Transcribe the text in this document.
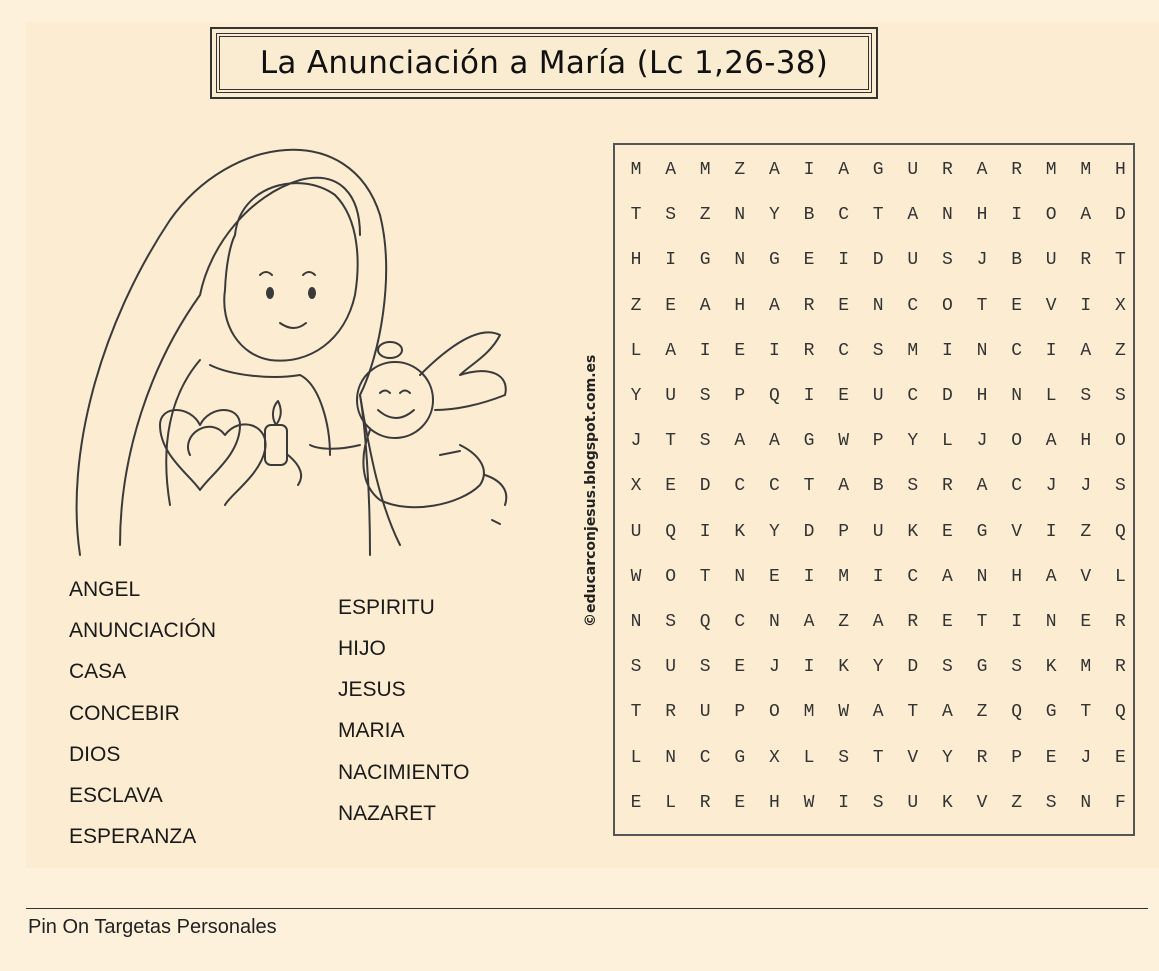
La Anunciación a María (Lc 1,26-38)
ANGEL
ANUNCIACIÓN
CASA
CONCEBIR
DIOS
ESCLAVA
ESPERANZA
ESPIRITU
HIJO
JESUS
MARIA
NACIMIENTO
NAZARET
©educarconjesus.blogspot.com.es
M	A	M	Z	A	I	A	G	U	R	A	R	M	M	H
T	S	Z	N	Y	B	C	T	A	N	H	I	O	A	D
H	I	G	N	G	E	I	D	U	S	J	B	U	R	T
Z	E	A	H	A	R	E	N	C	O	T	E	V	I	X
L	A	I	E	I	R	C	S	M	I	N	C	I	A	Z
Y	U	S	P	Q	I	E	U	C	D	H	N	L	S	S
J	T	S	A	A	G	W	P	Y	L	J	O	A	H	O
X	E	D	C	C	T	A	B	S	R	A	C	J	J	S
U	Q	I	K	Y	D	P	U	K	E	G	V	I	Z	Q
W	O	T	N	E	I	M	I	C	A	N	H	A	V	L
N	S	Q	C	N	A	Z	A	R	E	T	I	N	E	R
S	U	S	E	J	I	K	Y	D	S	G	S	K	M	R
T	R	U	P	O	M	W	A	T	A	Z	Q	G	T	Q
L	N	C	G	X	L	S	T	V	Y	R	P	E	J	E
E	L	R	E	H	W	I	S	U	K	V	Z	S	N	F
Pin On Targetas Personales
